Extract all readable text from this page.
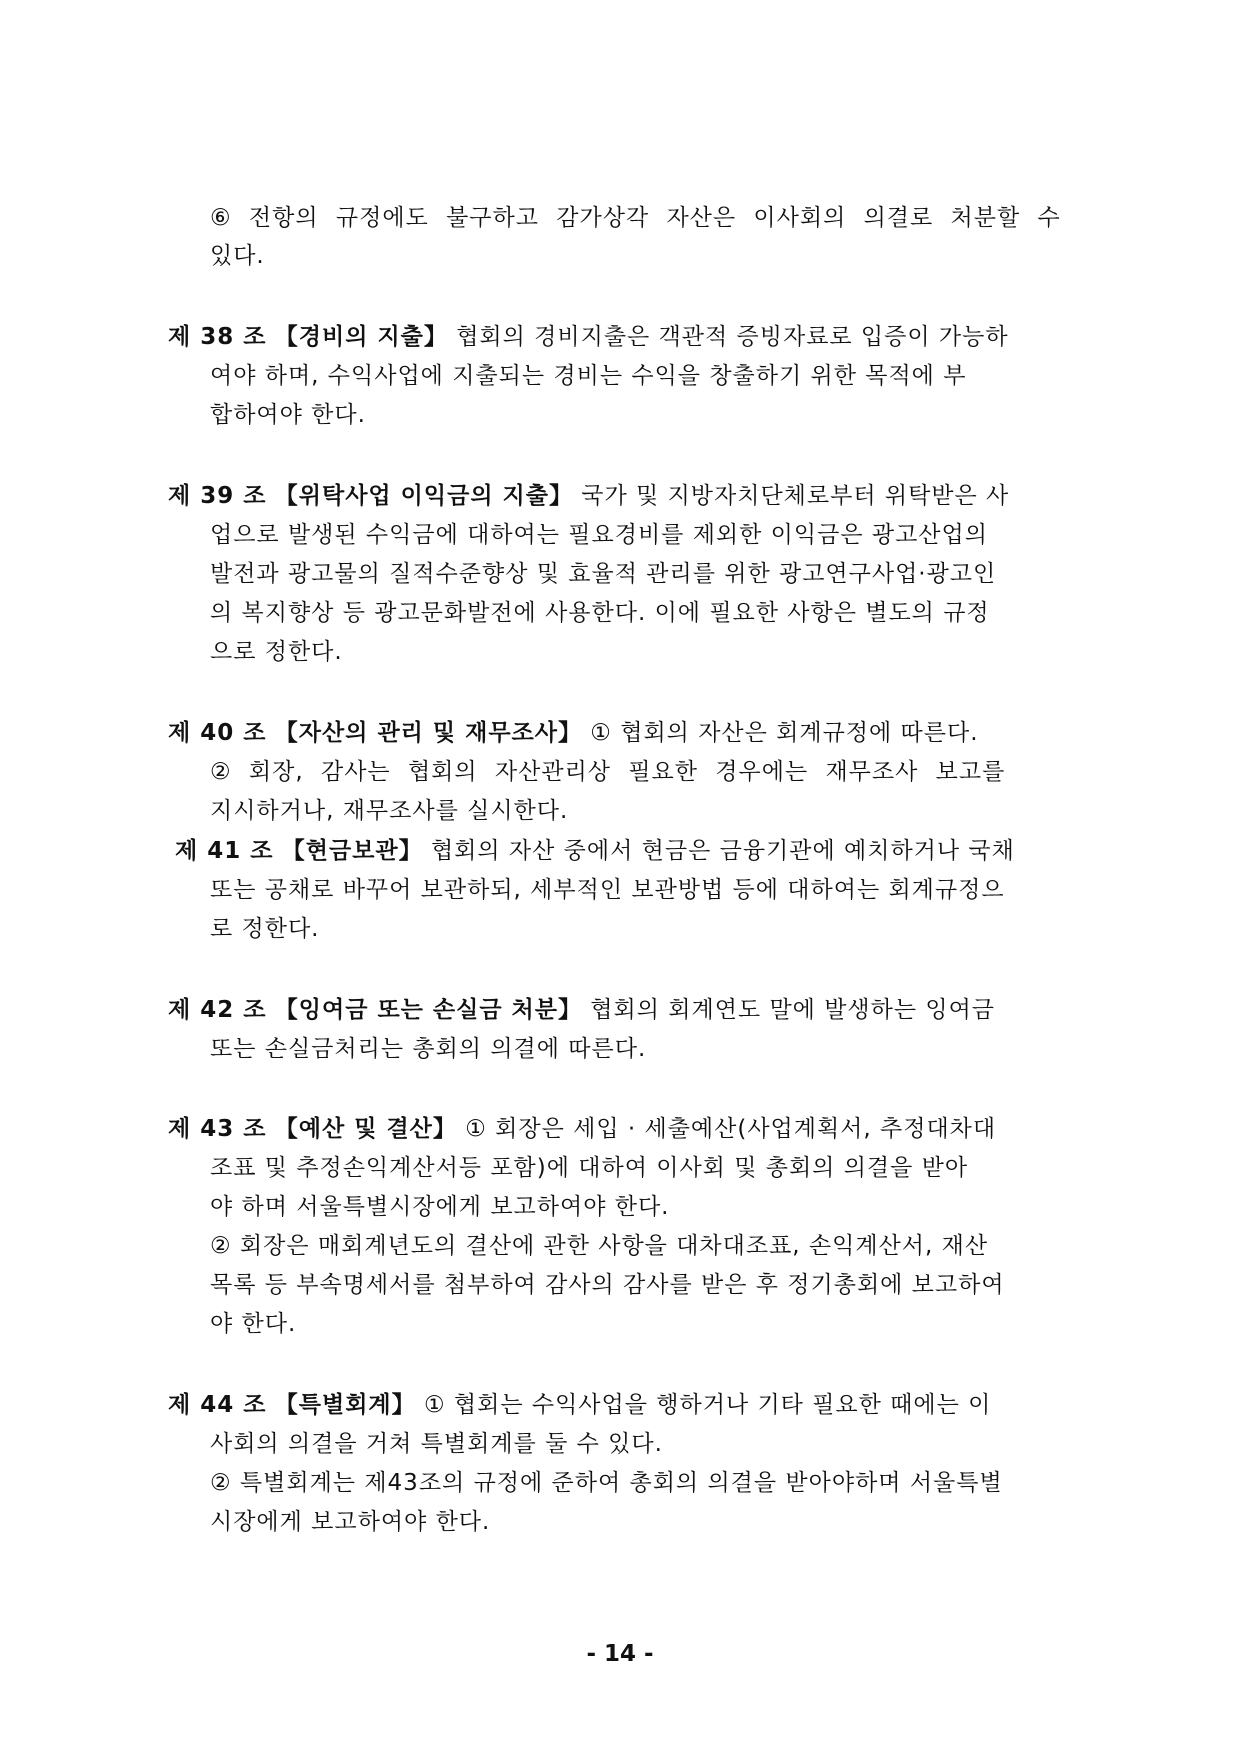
⑥ 전항의 규정에도 불구하고 감가상각 자산은 이사회의 의결로 처분할 수
있다.
제 38 조 【경비의 지출】 협회의 경비지출은 객관적 증빙자료로 입증이 가능하
여야 하며, 수익사업에 지출되는 경비는 수익을 창출하기 위한 목적에 부
합하여야 한다.
제 39 조 【위탁사업 이익금의 지출】 국가 및 지방자치단체로부터 위탁받은 사
업으로 발생된 수익금에 대하여는 필요경비를 제외한 이익금은 광고산업의
발전과 광고물의 질적수준향상 및 효율적 관리를 위한 광고연구사업·광고인
의 복지향상 등 광고문화발전에 사용한다. 이에 필요한 사항은 별도의 규정
으로 정한다.
제 40 조 【자산의 관리 및 재무조사】 ① 협회의 자산은 회계규정에 따른다.
② 회장, 감사는 협회의 자산관리상 필요한 경우에는 재무조사 보고를
지시하거나, 재무조사를 실시한다.
제 41 조 【현금보관】 협회의 자산 중에서 현금은 금융기관에 예치하거나 국채
또는 공채로 바꾸어 보관하되, 세부적인 보관방법 등에 대하여는 회계규정으
로 정한다.
제 42 조 【잉여금 또는 손실금 처분】 협회의 회계연도 말에 발생하는 잉여금
또는 손실금처리는 총회의 의결에 따른다.
제 43 조 【예산 및 결산】 ① 회장은 세입 · 세출예산(사업계획서, 추정대차대
조표 및 추정손익계산서등 포함)에 대하여 이사회 및 총회의 의결을 받아
야 하며 서울특별시장에게 보고하여야 한다.
② 회장은 매회계년도의 결산에 관한 사항을 대차대조표, 손익계산서, 재산
목록 등 부속명세서를 첨부하여 감사의 감사를 받은 후 정기총회에 보고하여
야 한다.
제 44 조 【특별회계】 ① 협회는 수익사업을 행하거나 기타 필요한 때에는 이
사회의 의결을 거쳐 특별회계를 둘 수 있다.
② 특별회계는 제43조의 규정에 준하여 총회의 의결을 받아야하며 서울특별
시장에게 보고하여야 한다.
- 14 -
